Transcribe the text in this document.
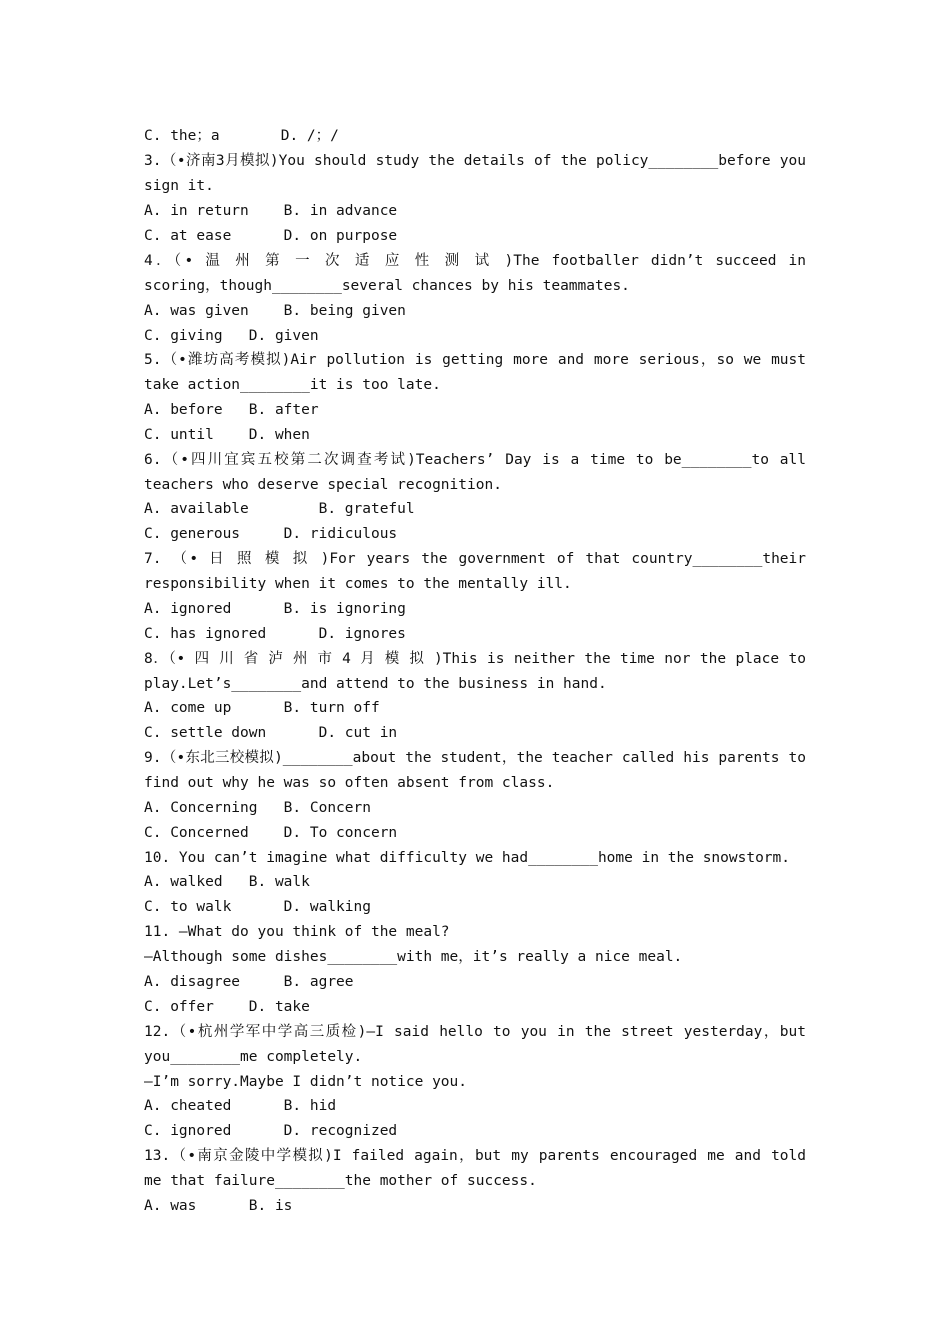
C. the；a       D. /；/
3.（•济南3月模拟)You should study the details of the policy________before you
sign it.
A. in return    B. in advance
C. at ease      D. on purpose
4．（• 温 州 第 一 次 适 应 性 测 试 )The footballer didn’t succeed in
scoring，though________several chances by his teammates.
A. was given    B. being given
C. giving   D. given
5.（•潍坊高考模拟)Air pollution is getting more and more serious，so we must
take action________it is too late.
A. before   B. after
C. until    D. when
6.（•四川宜宾五校第二次调查考试)Teachers’ Day is a time to be________to all
teachers who deserve special recognition.
A. available        B. grateful
C. generous     D. ridiculous
7. （• 日 照 模 拟 )For years the government of that country________their
responsibility when it comes to the mentally ill.
A. ignored      B. is ignoring
C. has ignored      D. ignores
8．（• 四 川 省 泸 州 市 4 月 模 拟 )This is neither the time nor the place to
play.Let’s________and attend to the business in hand.
A. come up      B. turn off
C. settle down      D. cut in
9.（•东北三校模拟)________about the student，the teacher called his parents to
find out why he was so often absent from class.
A. Concerning   B. Concern
C. Concerned    D. To concern
10. You can’t imagine what difficulty we had________home in the snowstorm.
A. walked   B. walk
C. to walk      D. walking
11. —What do you think of the meal?
—Although some dishes________with me，it’s really a nice meal.
A. disagree     B. agree
C. offer    D. take
12.（•杭州学军中学高三质检)—I said hello to you in the street yesterday，but
you________me completely.
—I’m sorry.Maybe I didn’t notice you.
A. cheated      B. hid
C. ignored      D. recognized
13.（•南京金陵中学模拟)I failed again，but my parents encouraged me and told
me that failure________the mother of success.
A. was      B. is
